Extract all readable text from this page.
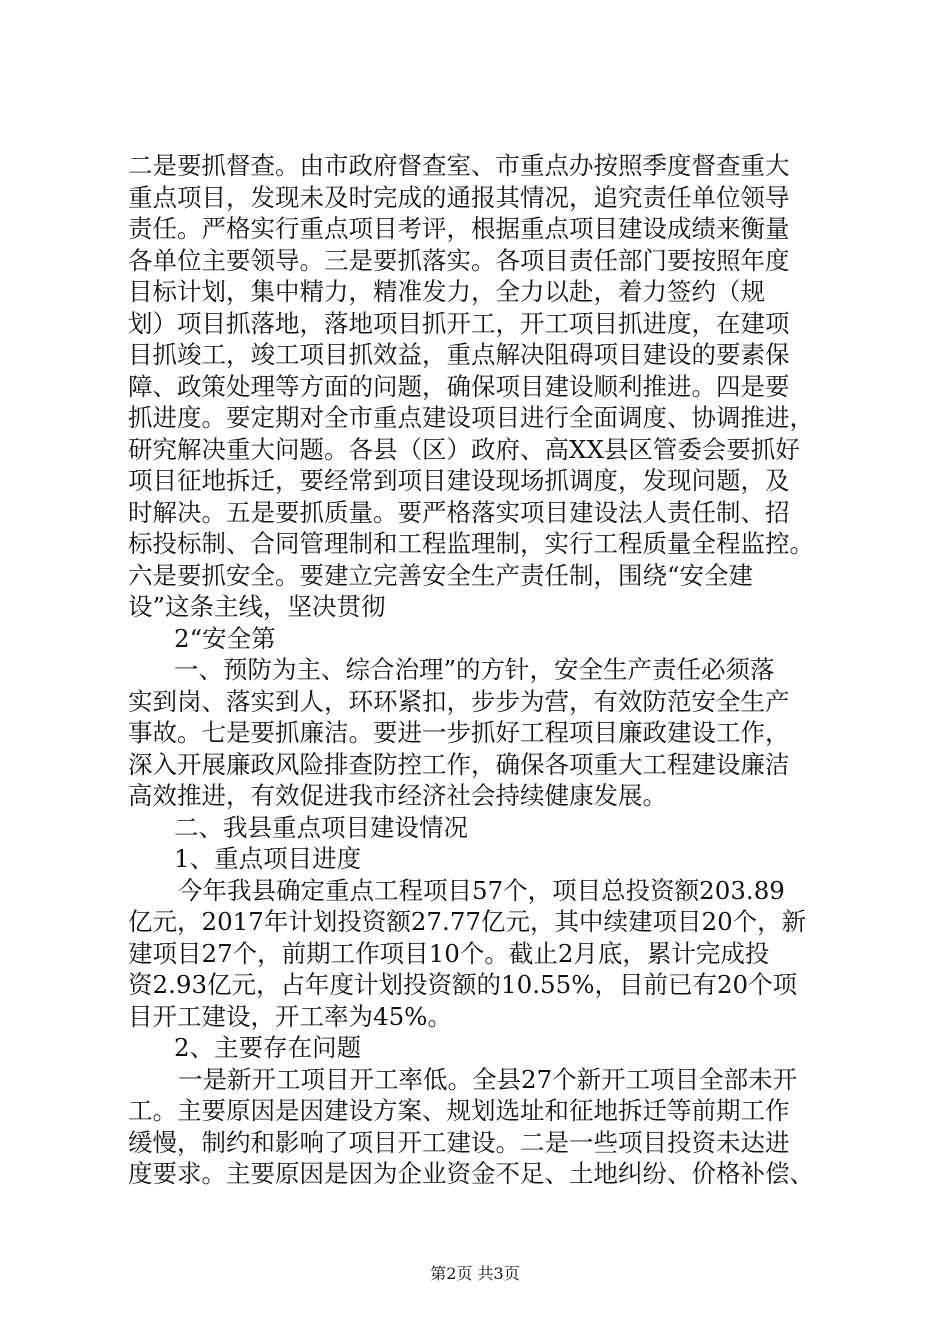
二是要抓督查。由市政府督查室、市重点办按照季度督查重大
重点项目，发现未及时完成的通报其情况，追究责任单位领导
责任。严格实行重点项目考评，根据重点项目建设成绩来衡量
各单位主要领导。三是要抓落实。各项目责任部门要按照年度
目标计划，集中精力，精准发力，全力以赴，着力签约（规
划）项目抓落地，落地项目抓开工，开工项目抓进度，在建项
目抓竣工，竣工项目抓效益，重点解决阻碍项目建设的要素保
障、政策处理等方面的问题，确保项目建设顺利推进。四是要
抓进度。要定期对全市重点建设项目进行全面调度、协调推进，
研究解决重大问题。各县（区）政府、高XX县区管委会要抓好
项目征地拆迁，要经常到项目建设现场抓调度，发现问题，及
时解决。五是要抓质量。要严格落实项目建设法人责任制、招
标投标制、合同管理制和工程监理制，实行工程质量全程监控。
六是要抓安全。要建立完善安全生产责任制，围绕“安全建
设”这条主线，坚决贯彻
2“安全第
一、预防为主、综合治理”的方针，安全生产责任必须落
实到岗、落实到人，环环紧扣，步步为营，有效防范安全生产
事故。七是要抓廉洁。要进一步抓好工程项目廉政建设工作，
深入开展廉政风险排查防控工作，确保各项重大工程建设廉洁
高效推进，有效促进我市经济社会持续健康发展。
二、我县重点项目建设情况
1、重点项目进度
今年我县确定重点工程项目57个，项目总投资额203.89
亿元，2017年计划投资额27.77亿元，其中续建项目20个，新
建项目27个，前期工作项目10个。截止2月底，累计完成投
资2.93亿元，占年度计划投资额的10.55%，目前已有20个项
目开工建设，开工率为45%。
2、主要存在问题
一是新开工项目开工率低。全县27个新开工项目全部未开
工。主要原因是因建设方案、规划选址和征地拆迁等前期工作
缓慢，制约和影响了项目开工建设。二是一些项目投资未达进
度要求。主要原因是因为企业资金不足、土地纠纷、价格补偿、
第2页 共3页
